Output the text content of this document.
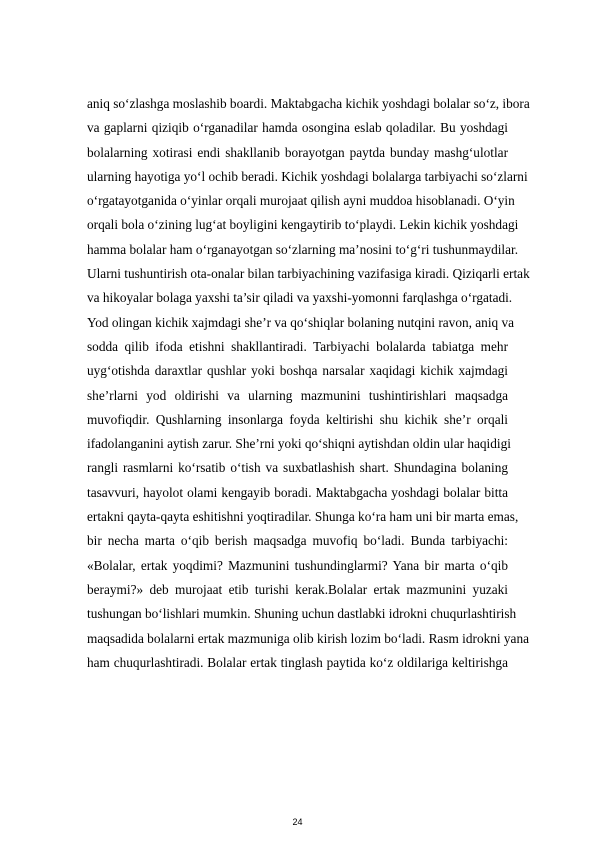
aniq so‘zlashga moslashib boardi. Maktabgacha kichik yoshdagi bolalar so‘z, ibora
va gaplarni qiziqib o‘rganadilar hamda osongina eslab qoladilar. Bu yoshdagi
bolalarning xotirasi endi shakllanib borayotgan paytda bunday mashg‘ulotlar
ularning hayotiga yo‘l ochib beradi. Kichik yoshdagi bolalarga tarbiyachi so‘zlarni
o‘rgatayotganida o‘yinlar orqali murojaat qilish ayni muddoa hisoblanadi. O‘yin
orqali bola o‘zining lug‘at boyligini kengaytirib to‘playdi. Lekin kichik yoshdagi
hamma bolalar ham o‘rganayotgan so‘zlarning ma’nosini to‘g‘ri tushunmaydilar.
Ularni tushuntirish ota-onalar bilan tarbiyachining vazifasiga kiradi. Qiziqarli ertak
va hikoyalar bolaga yaxshi ta’sir qiladi va yaxshi-yomonni farqlashga o‘rgatadi.
Yod olingan kichik xajmdagi she’r va qo‘shiqlar bolaning nutqini ravon, aniq va
sodda qilib ifoda etishni shakllantiradi. Tarbiyachi bolalarda tabiatga mehr
uyg‘otishda daraxtlar qushlar yoki boshqa narsalar xaqidagi kichik xajmdagi
she’rlarni yod oldirishi va ularning mazmunini tushintirishlari maqsadga
muvofiqdir. Qushlarning insonlarga foyda keltirishi shu kichik she’r orqali
ifadolanganini aytish zarur. She’rni yoki qo‘shiqni aytishdan oldin ular haqidigi
rangli rasmlarni ko‘rsatib o‘tish va suxbatlashish shart. Shundagina bolaning
tasavvuri, hayolot olami kengayib boradi. Maktabgacha yoshdagi bolalar bitta
ertakni qayta-qayta eshitishni yoqtiradilar. Shunga ko‘ra ham uni bir marta emas,
bir necha marta o‘qib berish maqsadga muvofiq bo‘ladi. Bunda tarbiyachi:
«Bolalar, ertak yoqdimi? Mazmunini tushundinglarmi? Yana bir marta o‘qib
beraymi?» deb murojaat etib turishi kerak.Bolalar ertak mazmunini yuzaki
tushungan bo‘lishlari mumkin. Shuning uchun dastlabki idrokni chuqurlashtirish
maqsadida bolalarni ertak mazmuniga olib kirish lozim bo‘ladi. Rasm idrokni yana
ham chuqurlashtiradi. Bolalar ertak tinglash paytida ko‘z oldilariga keltirishga
24
